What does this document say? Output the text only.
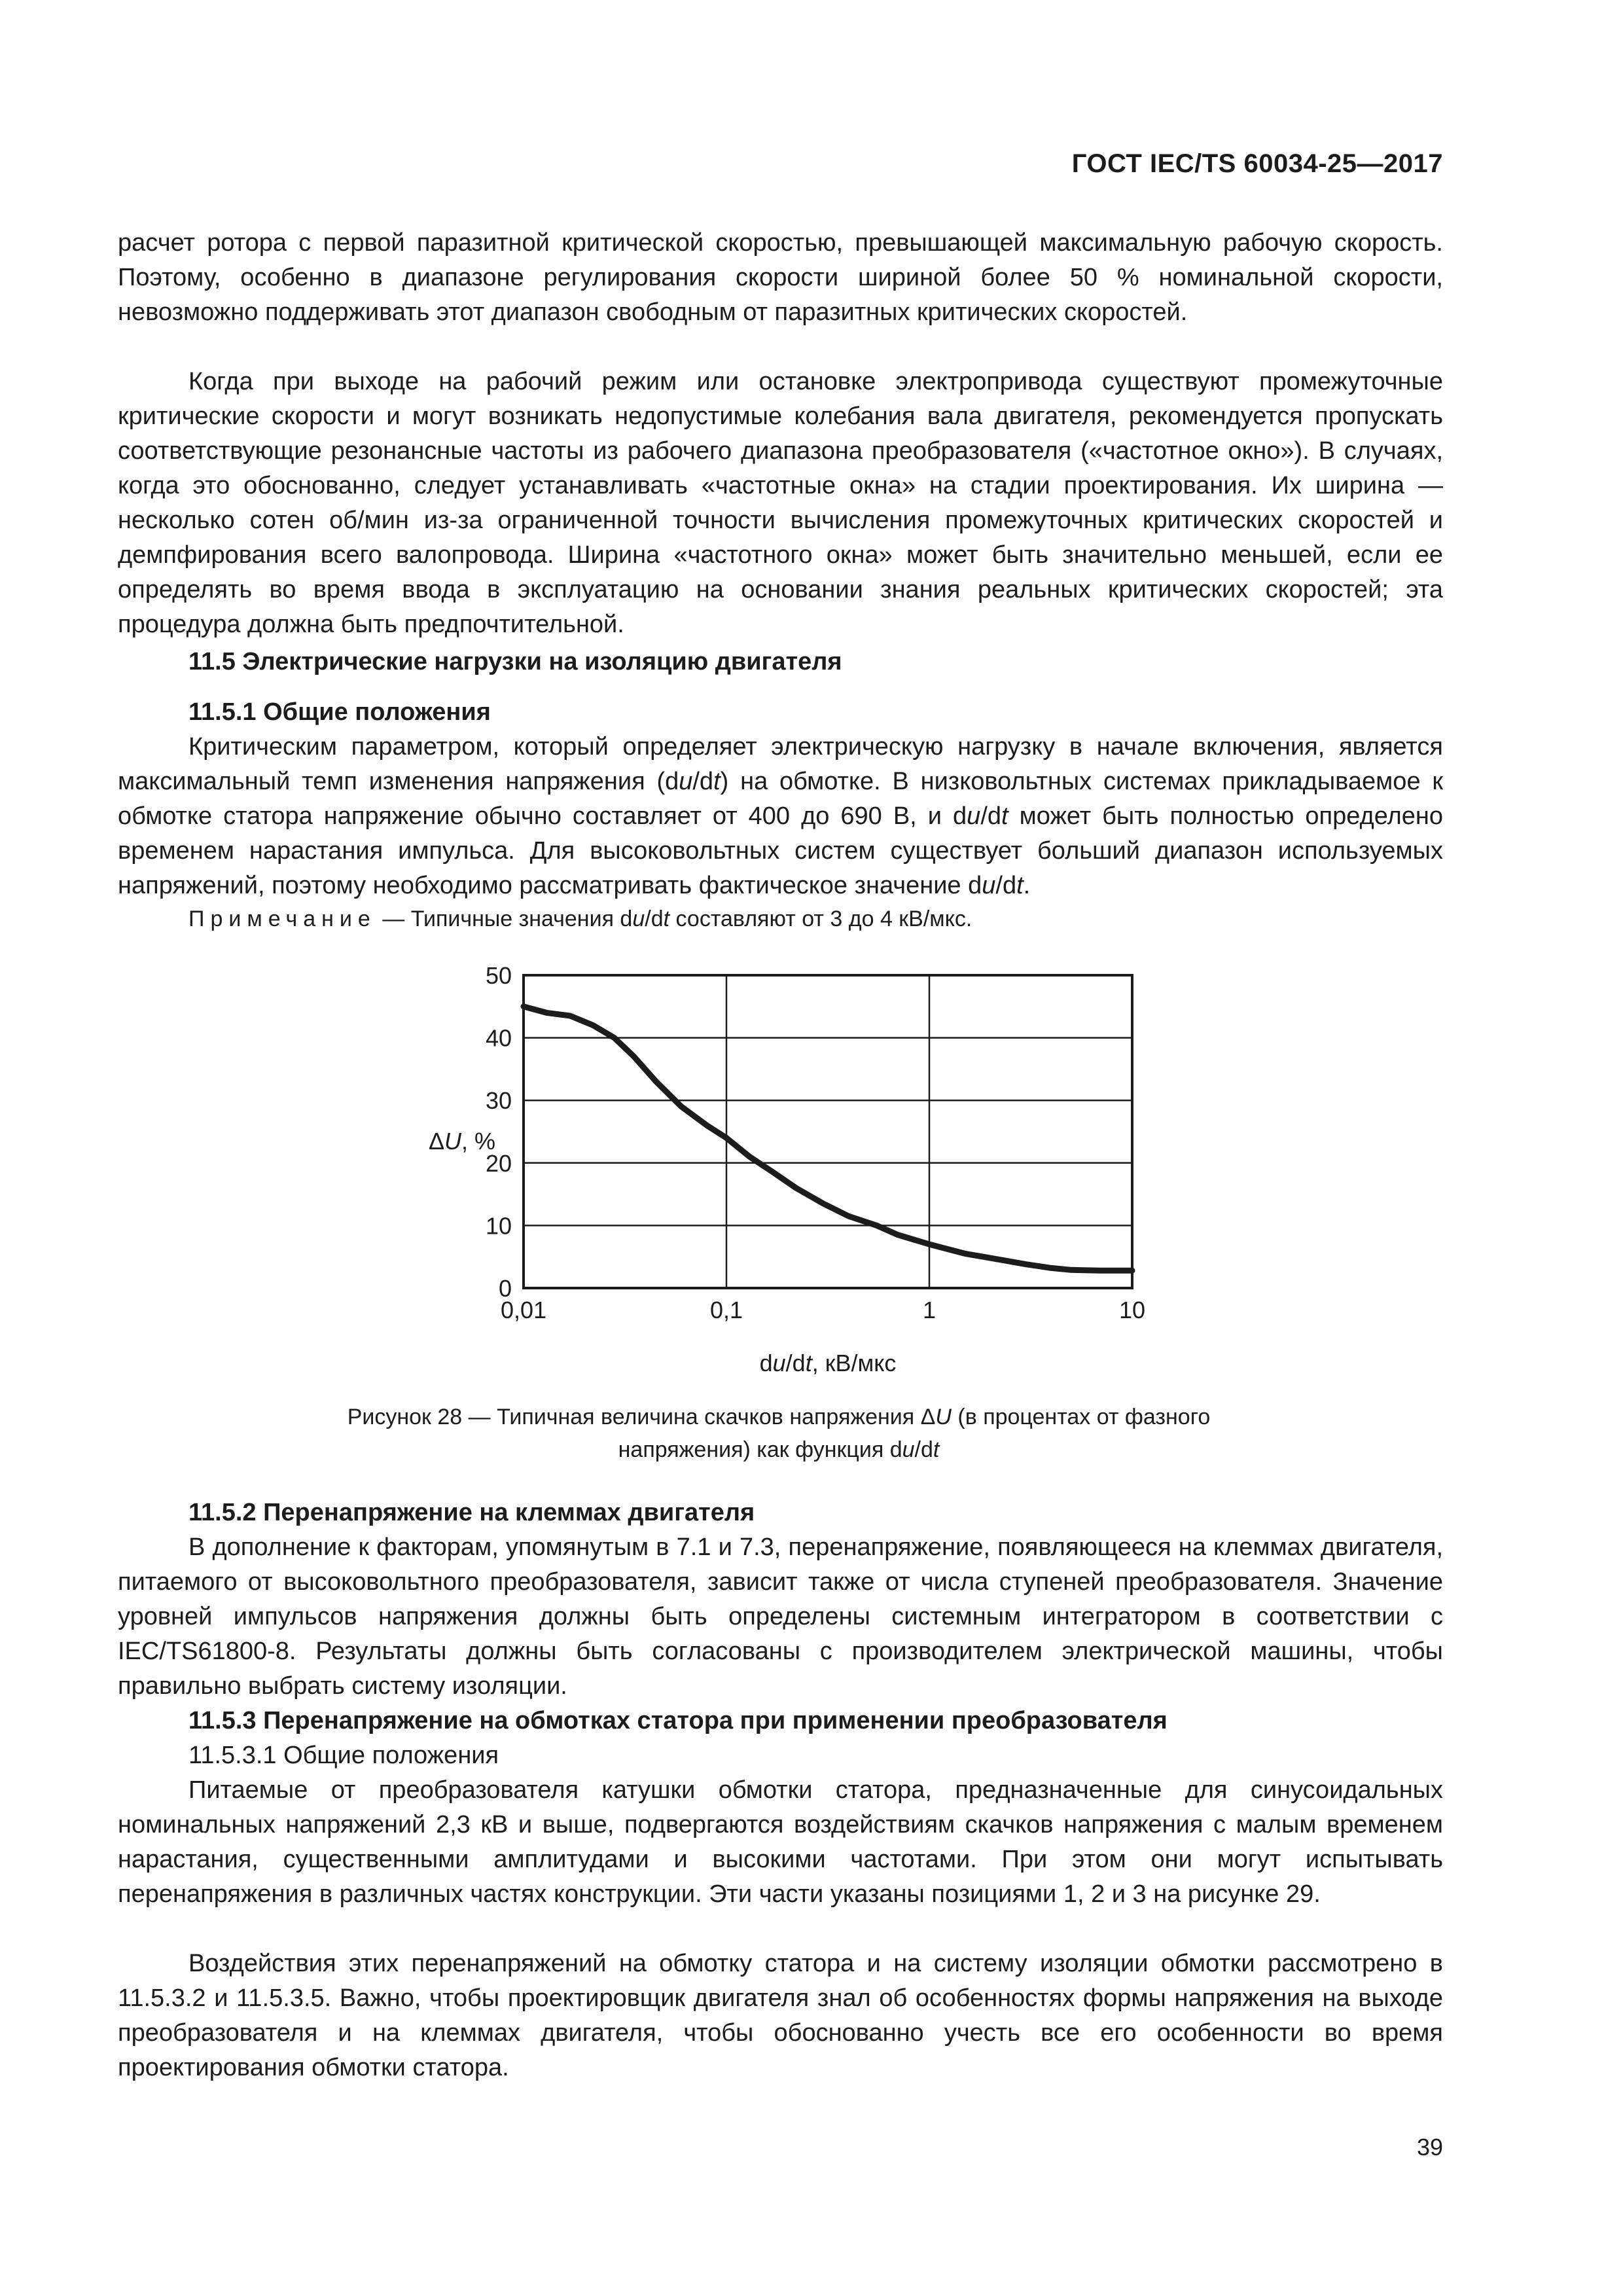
ГОСТ IEC/TS 60034-25—2017

расчет ротора с первой паразитной критической скоростью, превышающей максимальную рабочую скорость. Поэтому, особенно в диапазоне регулирования скорости шириной более 50 % номинальной скорости, невозможно поддерживать этот диапазон свободным от паразитных критических скоростей.

Когда при выходе на рабочий режим или остановке электропривода существуют промежуточные критические скорости и могут возникать недопустимые колебания вала двигателя, рекомендуется пропускать соответствующие резонансные частоты из рабочего диапазона преобразователя («частотное окно»). В случаях, когда это обоснованно, следует устанавливать «частотные окна» на стадии проектирования. Их ширина — несколько сотен об/мин из-за ограниченной точности вычисления промежуточных критических скоростей и демпфирования всего валопровода. Ширина «частотного окна» может быть значительно меньшей, если ее определять во время ввода в эксплуатацию на основании знания реальных критических скоростей; эта процедура должна быть предпочтительной.

11.5 Электрические нагрузки на изоляцию двигателя

11.5.1 Общие положения

Критическим параметром, который определяет электрическую нагрузку в начале включения, является максимальный темп изменения напряжения (du/dt) на обмотке. В низковольтных системах прикладываемое к обмотке статора напряжение обычно составляет от 400 до 690 В, и du/dt может быть полностью определено временем нарастания импульса. Для высоковольтных систем существует больший диапазон используемых напряжений, поэтому необходимо рассматривать фактическое значение du/dt.

Примечание — Типичные значения du/dt составляют от 3 до 4 кВ/мкс.
0
10
20
30
40
50
0,01	0,1	1	10
ΔU, %
du/dt, кВ/мкс
Рисунок 28 — Типичная величина скачков напряжения ΔU (в процентах от фазного
напряжения) как функция du/dt

11.5.2 Перенапряжение на клеммах двигателя

В дополнение к факторам, упомянутым в 7.1 и 7.3, перенапряжение, появляющееся на клеммах двигателя, питаемого от высоковольтного преобразователя, зависит также от числа ступеней преобразователя. Значение уровней импульсов напряжения должны быть определены системным интегратором в соответствии с IEC/TS61800-8. Результаты должны быть согласованы с производителем электрической машины, чтобы правильно выбрать систему изоляции.

11.5.3 Перенапряжение на обмотках статора при применении преобразователя

11.5.3.1 Общие положения

Питаемые от преобразователя катушки обмотки статора, предназначенные для синусоидальных номинальных напряжений 2,3 кВ и выше, подвергаются воздействиям скачков напряжения с малым временем нарастания, существенными амплитудами и высокими частотами. При этом они могут испытывать перенапряжения в различных частях конструкции. Эти части указаны позициями 1, 2 и 3 на рисунке 29.

Воздействия этих перенапряжений на обмотку статора и на систему изоляции обмотки рассмотрено в 11.5.3.2 и 11.5.3.5. Важно, чтобы проектировщик двигателя знал об особенностях формы напряжения на выходе преобразователя и на клеммах двигателя, чтобы обоснованно учесть все его особенности во время проектирования обмотки статора.

39
